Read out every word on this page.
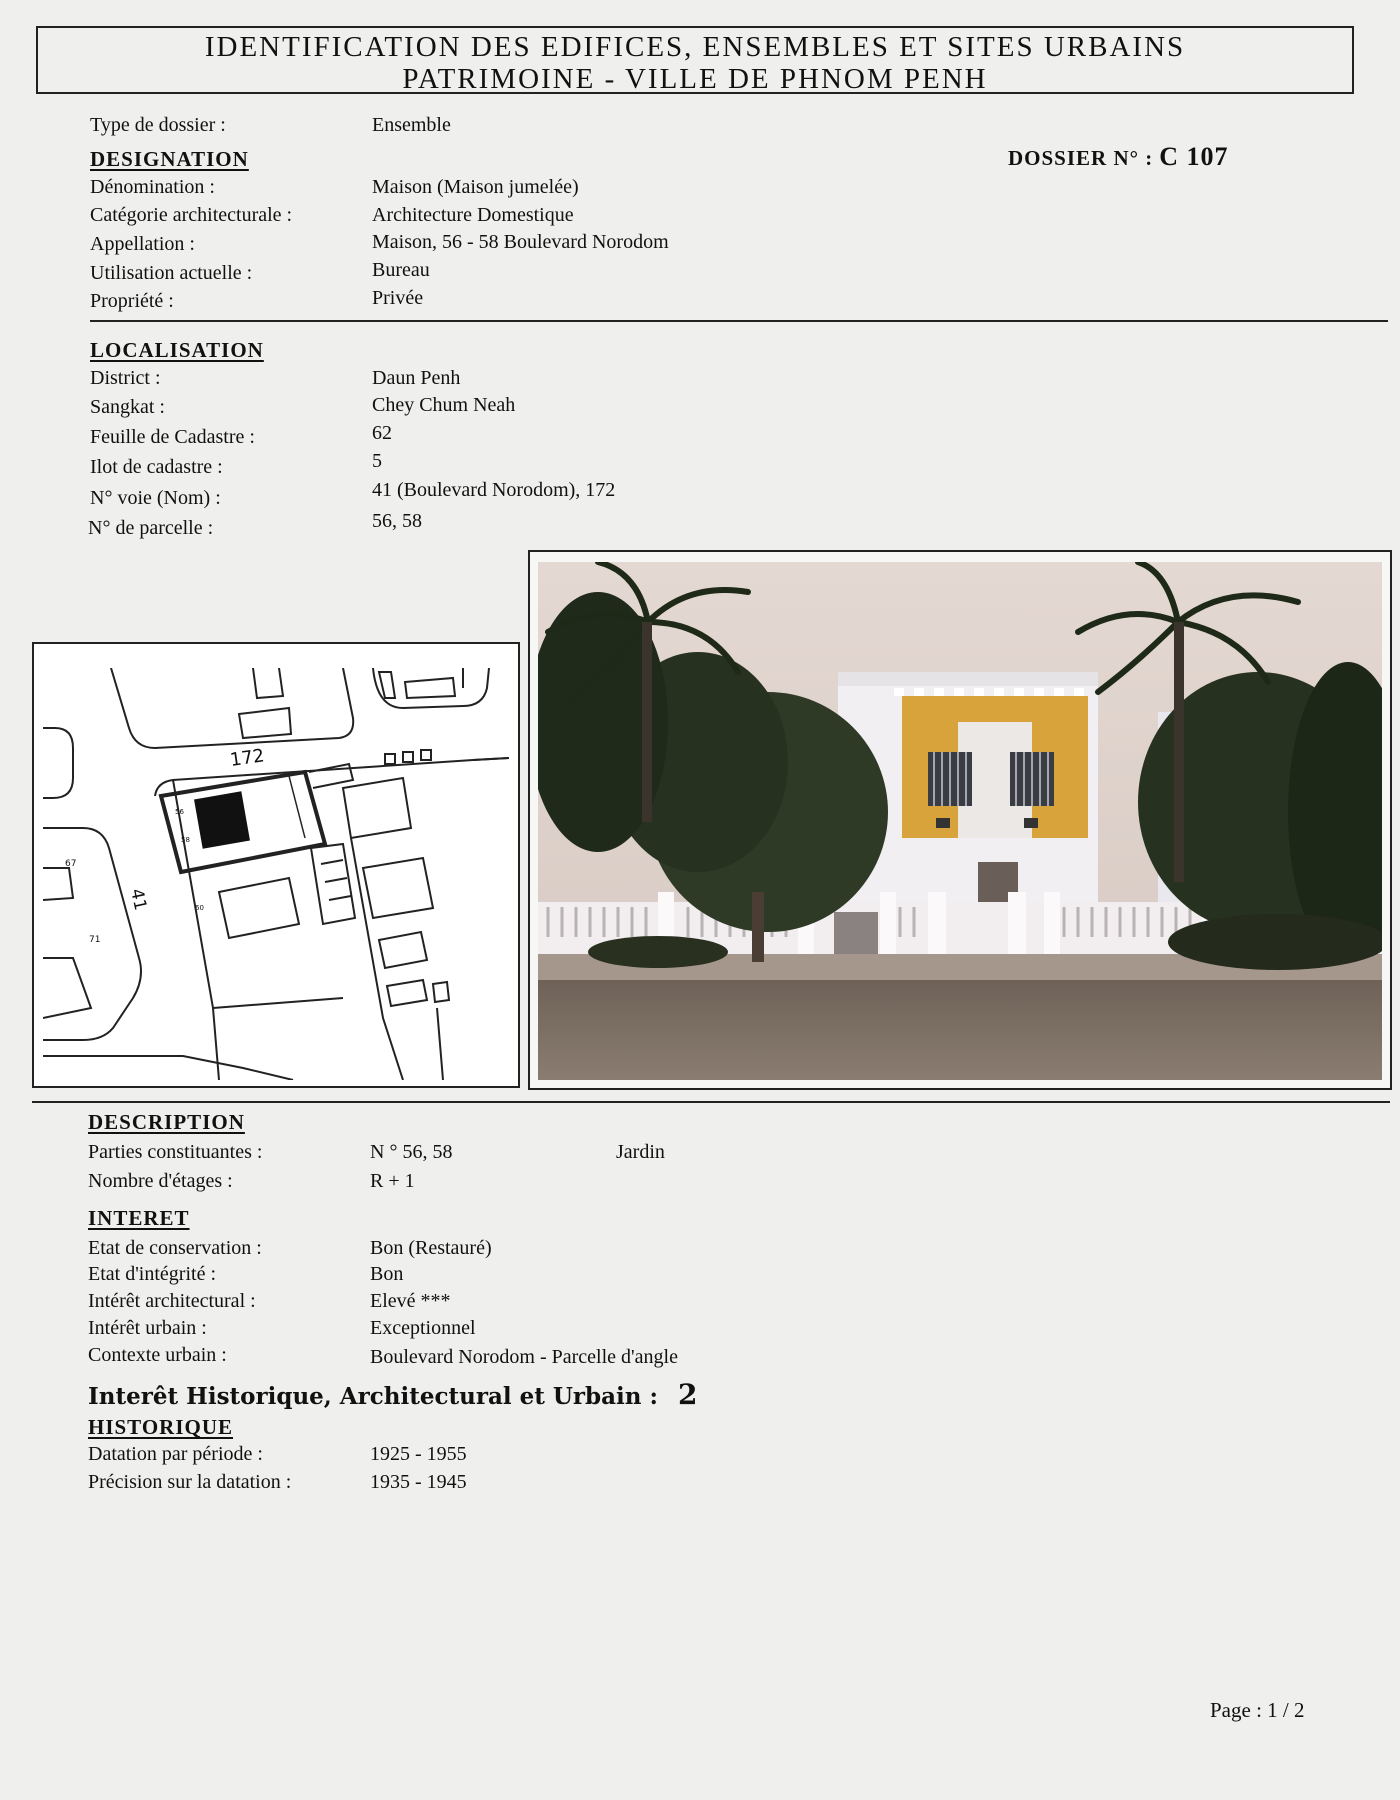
IDENTIFICATION DES EDIFICES, ENSEMBLES ET SITES URBAINS
PATRIMOINE - VILLE DE PHNOM PENH
Type de dossier :	Ensemble
DESIGNATION	DOSSIER N° : C 107
Dénomination :	Maison (Maison jumelée)
Catégorie architecturale :	Architecture Domestique
Appellation :	Maison, 56 - 58 Boulevard Norodom
Utilisation actuelle :	Bureau
Propriété :	Privée
LOCALISATION
District :	Daun Penh
Sangkat :	Chey Chum Neah
Feuille de Cadastre :	62
Ilot de cadastre :	5
N° voie (Nom) :	41 (Boulevard Norodom), 172
N° de parcelle :	56, 58
172
41
56
58
60
67
71
DESCRIPTION
Parties constituantes :	N ° 56, 58	Jardin
Nombre d'étages :	R + 1
INTERET
Etat de conservation :	Bon (Restauré)
Etat d'intégrité :	Bon
Intérêt architectural :	Elevé ***
Intérêt urbain :	Exceptionnel
Contexte urbain :	Boulevard Norodom - Parcelle d'angle
Interêt Historique, Architectural et Urbain : 2
HISTORIQUE
Datation par période :	1925 - 1955
Précision sur la datation :	1935 - 1945
Page : 1 / 2
